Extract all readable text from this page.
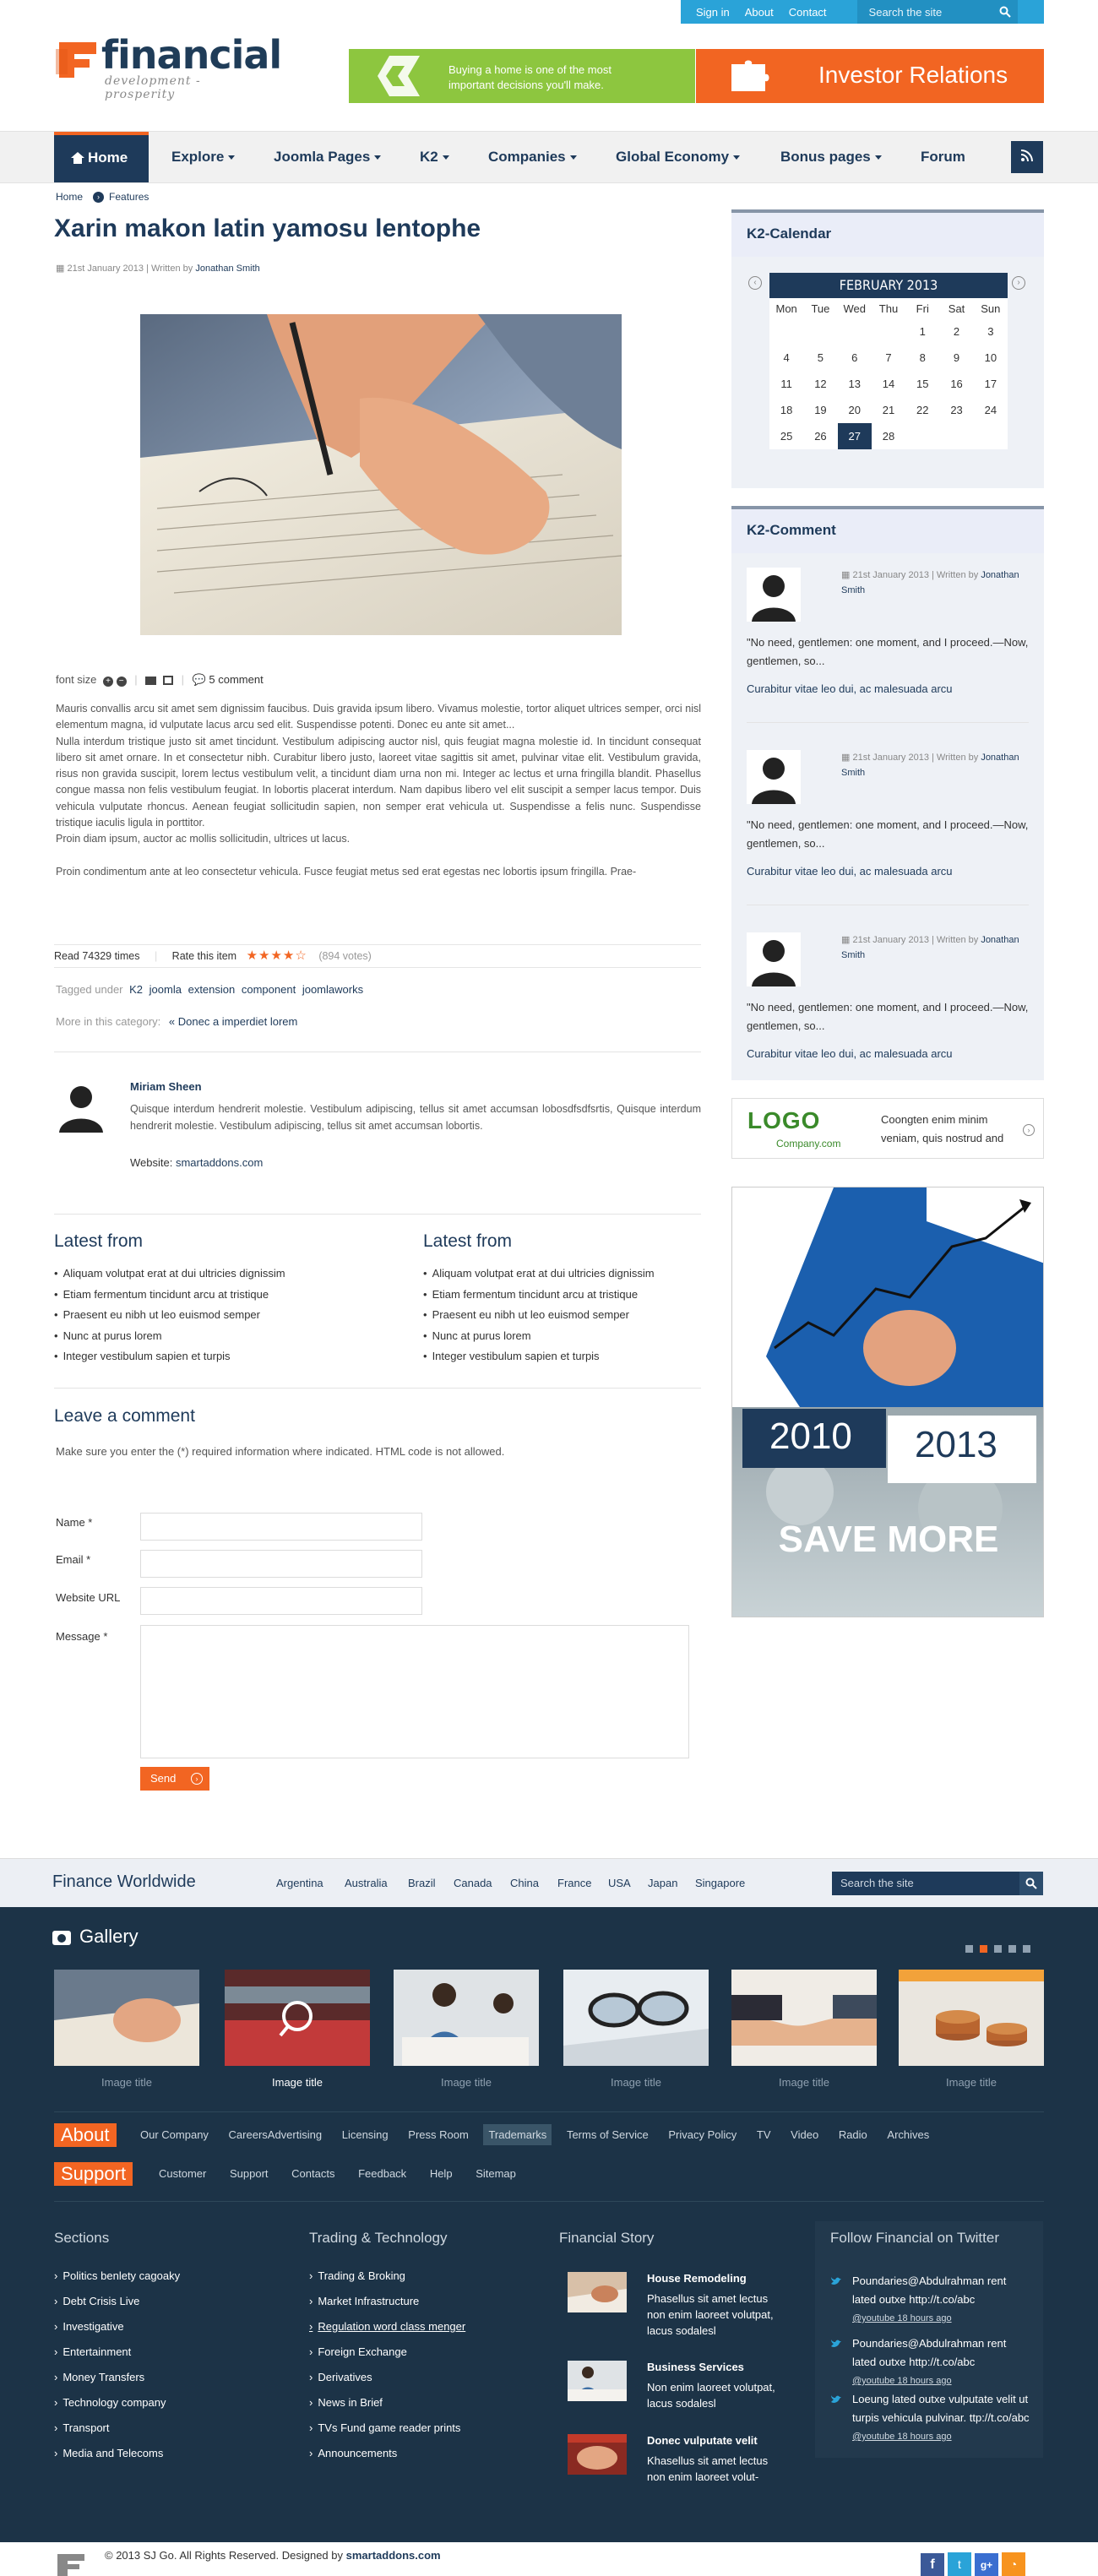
Sign in About Contact	Search the site
financial
development - prosperity
Buying a home is one of the most important decisions you'll make.	Investor Relations
Home	Explore	Joomla Pages	K2	Companies	Global Economy	Bonus pages	Forum
Home › Features
Xarin makon latin yamosu lentophe
▦ 21st January 2013 | Written by Jonathan Smith
font size + − |	| 💬 5 comment

Mauris convallis arcu sit amet sem dignissim faucibus. Duis gravida ipsum libero. Vivamus molestie, tortor aliquet ultrices semper, orci nisl elementum magna, id vulputate lacus arcu sed elit. Suspendisse potenti. Donec eu ante sit amet...

Nulla interdum tristique justo sit amet tincidunt. Vestibulum adipiscing auctor nisl, quis feugiat magna molestie id. In tincidunt consequat libero sit amet ornare. In et consectetur nibh. Curabitur libero justo, laoreet vitae sagittis sit amet, pulvinar vitae elit. Vestibulum gravida, risus non gravida suscipit, lorem lectus vestibulum velit, a tincidunt diam urna non mi. Integer ac lectus et urna fringilla blandit. Phasellus congue massa non felis vestibulum feugiat. In lobortis placerat interdum. Nam dapibus libero vel elit suscipit a semper lacus tempor. Duis vehicula vulputate rhoncus. Aenean feugiat sollicitudin sapien, non semper erat vehicula ut. Suspendisse a felis nunc. Suspendisse tristique iaculis ligula in porttitor.

Proin diam ipsum, auctor ac mollis sollicitudin, ultrices ut lacus.

Proin condimentum ante at leo consectetur vehicula. Fusce feugiat metus sed erat egestas nec lobortis ipsum fringilla. Prae-

Read 74329 times | Rate this item ★★★★☆ (894 votes)
Tagged under K2 joomla extension component joomlaworks
More in this category: « Donec a imperdiet lorem
Miriam Sheen
Quisque interdum hendrerit molestie. Vestibulum adipiscing, tellus sit amet accumsan lobosdfsdfsrtis, Quisque interdum hendrerit molestie. Vestibulum adipiscing, tellus sit amet accumsan lobortis.
Website: smartaddons.com
Latest from
• Aliquam volutpat erat at dui ultricies dignissim
• Etiam fermentum tincidunt arcu at tristique
• Praesent eu nibh ut leo euismod semper
• Nunc at purus lorem
• Integer vestibulum sapien et turpis
Latest from
• Aliquam volutpat erat at dui ultricies dignissim
• Etiam fermentum tincidunt arcu at tristique
• Praesent eu nibh ut leo euismod semper
• Nunc at purus lorem
• Integer vestibulum sapien et turpis
Leave a comment
Make sure you enter the (*) required information where indicated. HTML code is not allowed.
Name *
Email *
Website URL
Message *
Send	›
K2-Calendar
‹	›
FEBRUARY 2013
Mon	Tue	Wed	Thu	Fri	Sat	Sun
				1	2	3
4	5	6	7	8	9	10
11	12	13	14	15	16	17
18	19	20	21	22	23	24
25	26	27	28			
K2-Comment
▦ 21st January 2013 | Written by Jonathan Smith
"No need, gentlemen: one moment, and I proceed.—Now, gentlemen, so...
Curabitur vitae leo dui, ac malesuada arcu
▦ 21st January 2013 | Written by Jonathan Smith
"No need, gentlemen: one moment, and I proceed.—Now, gentlemen, so...
Curabitur vitae leo dui, ac malesuada arcu
▦ 21st January 2013 | Written by Jonathan Smith
"No need, gentlemen: one moment, and I proceed.—Now, gentlemen, so...
Curabitur vitae leo dui, ac malesuada arcu
LOGO
Company.com
Coongten enim minim veniam, quis nostrud and
›
2010 2013
SAVE MORE
Finance Worldwide	Argentina Australia Brazil Canada China France USA Japan Singapore	Search the site
Gallery
Image title	Image title	Image title	Image title	Image title	Image title
About	Our Company CareersAdvertising Licensing Press Room Trademarks Terms of Service Privacy Policy TV Video Radio Archives
Support	Customer Support Contacts Feedback Help Sitemap
Sections
› Politics benlety cagoaky
› Debt Crisis Live
› Investigative
› Entertainment
› Money Transfers
› Technology company
› Transport
› Media and Telecoms
Trading & Technology
› Trading & Broking
› Market Infrastructure
› Regulation word class menger
› Foreign Exchange
› Derivatives
› News in Brief
› TVs Fund game reader prints
› Announcements
Financial Story
House Remodeling

Phasellus sit amet lectus non enim laoreet volutpat, lacus sodalesl

Business Services

Non enim laoreet volutpat, lacus sodalesl

Donec vulputate velit

Khasellus sit amet lectus non enim laoreet volut-

Follow Financial on Twitter
Poundaries@Abdulrahman rent lated outxe http://t.co/abc
@youtube 18 hours ago
Poundaries@Abdulrahman rent lated outxe http://t.co/abc
@youtube 18 hours ago
Loeung lated outxe vulputate velit ut turpis vehicula pulvinar. ttp://t.co/abc
@youtube 18 hours ago
© 2013 SJ Go. All Rights Reserved. Designed by smartaddons.com
f t g+ ◔
